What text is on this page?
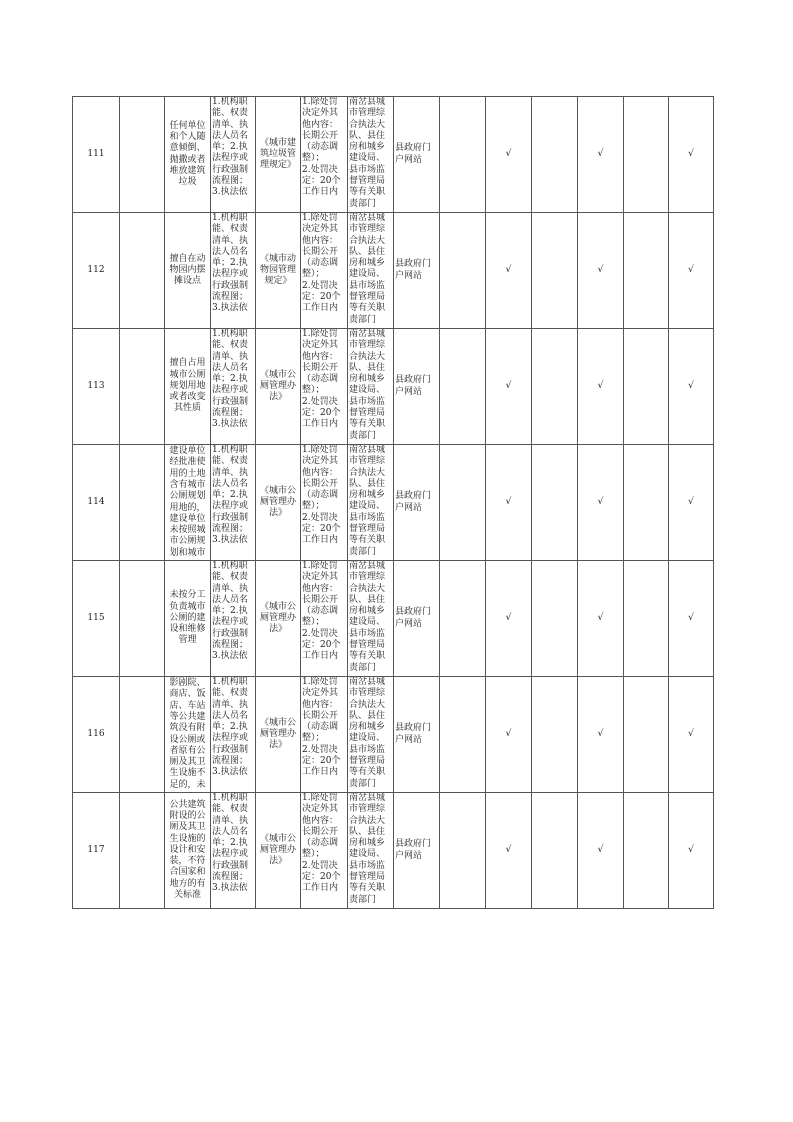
111		任何单位和个人随意倾倒、抛撒或者堆放建筑垃圾	1.机构职能、权责清单、执法人员名单；2.执法程序或行政强制流程图；3.执法依	《城市建筑垃圾管理规定》	1.除处罚决定外其他内容：长期公开（动态调整）；
2.处罚决定：20个工作日内	南岔县城市管理综合执法大队、县住房和城乡建设局、县市场监督管理局等有关职责部门	县政府门户网站		√		√		√	
112		擅自在动物园内摆摊设点	1.机构职能、权责清单、执法人员名单；2.执法程序或行政强制流程图；3.执法依	《城市动物园管理规定》	1.除处罚决定外其他内容：长期公开（动态调整）；
2.处罚决定：20个工作日内	南岔县城市管理综合执法大队、县住房和城乡建设局、县市场监督管理局等有关职责部门	县政府门户网站		√		√		√	
113		擅自占用城市公厕规划用地或者改变其性质	1.机构职能、权责清单、执法人员名单；2.执法程序或行政强制流程图；3.执法依	《城市公厕管理办法》	1.除处罚决定外其他内容：长期公开（动态调整）；
2.处罚决定：20个工作日内	南岔县城市管理综合执法大队、县住房和城乡建设局、县市场监督管理局等有关职责部门	县政府门户网站		√		√		√	
114		建设单位经批准使用的土地含有城市公厕规划用地的，建设单位未按照城市公厕规划和城市	1.机构职能、权责清单、执法人员名单；2.执法程序或行政强制流程图；3.执法依	《城市公厕管理办法》	1.除处罚决定外其他内容：长期公开（动态调整）；
2.处罚决定：20个工作日内	南岔县城市管理综合执法大队、县住房和城乡建设局、县市场监督管理局等有关职责部门	县政府门户网站		√		√		√	
115		未按分工负责城市公厕的建设和维修管理	1.机构职能、权责清单、执法人员名单；2.执法程序或行政强制流程图；3.执法依	《城市公厕管理办法》	1.除处罚决定外其他内容：长期公开（动态调整）；
2.处罚决定：20个工作日内	南岔县城市管理综合执法大队、县住房和城乡建设局、县市场监督管理局等有关职责部门	县政府门户网站		√		√		√	
116		影剧院、商店、饭店、车站等公共建筑没有附设公厕或者原有公厕及其卫生设施不足的，未	1.机构职能、权责清单、执法人员名单；2.执法程序或行政强制流程图；3.执法依	《城市公厕管理办法》	1.除处罚决定外其他内容：长期公开（动态调整）；
2.处罚决定：20个工作日内	南岔县城市管理综合执法大队、县住房和城乡建设局、县市场监督管理局等有关职责部门	县政府门户网站		√		√		√	
117		公共建筑附设的公厕及其卫生设施的设计和安装，不符合国家和地方的有关标准	1.机构职能、权责清单、执法人员名单；2.执法程序或行政强制流程图；3.执法依	《城市公厕管理办法》	1.除处罚决定外其他内容：长期公开（动态调整）；
2.处罚决定：20个工作日内	南岔县城市管理综合执法大队、县住房和城乡建设局、县市场监督管理局等有关职责部门	县政府门户网站		√		√		√	
